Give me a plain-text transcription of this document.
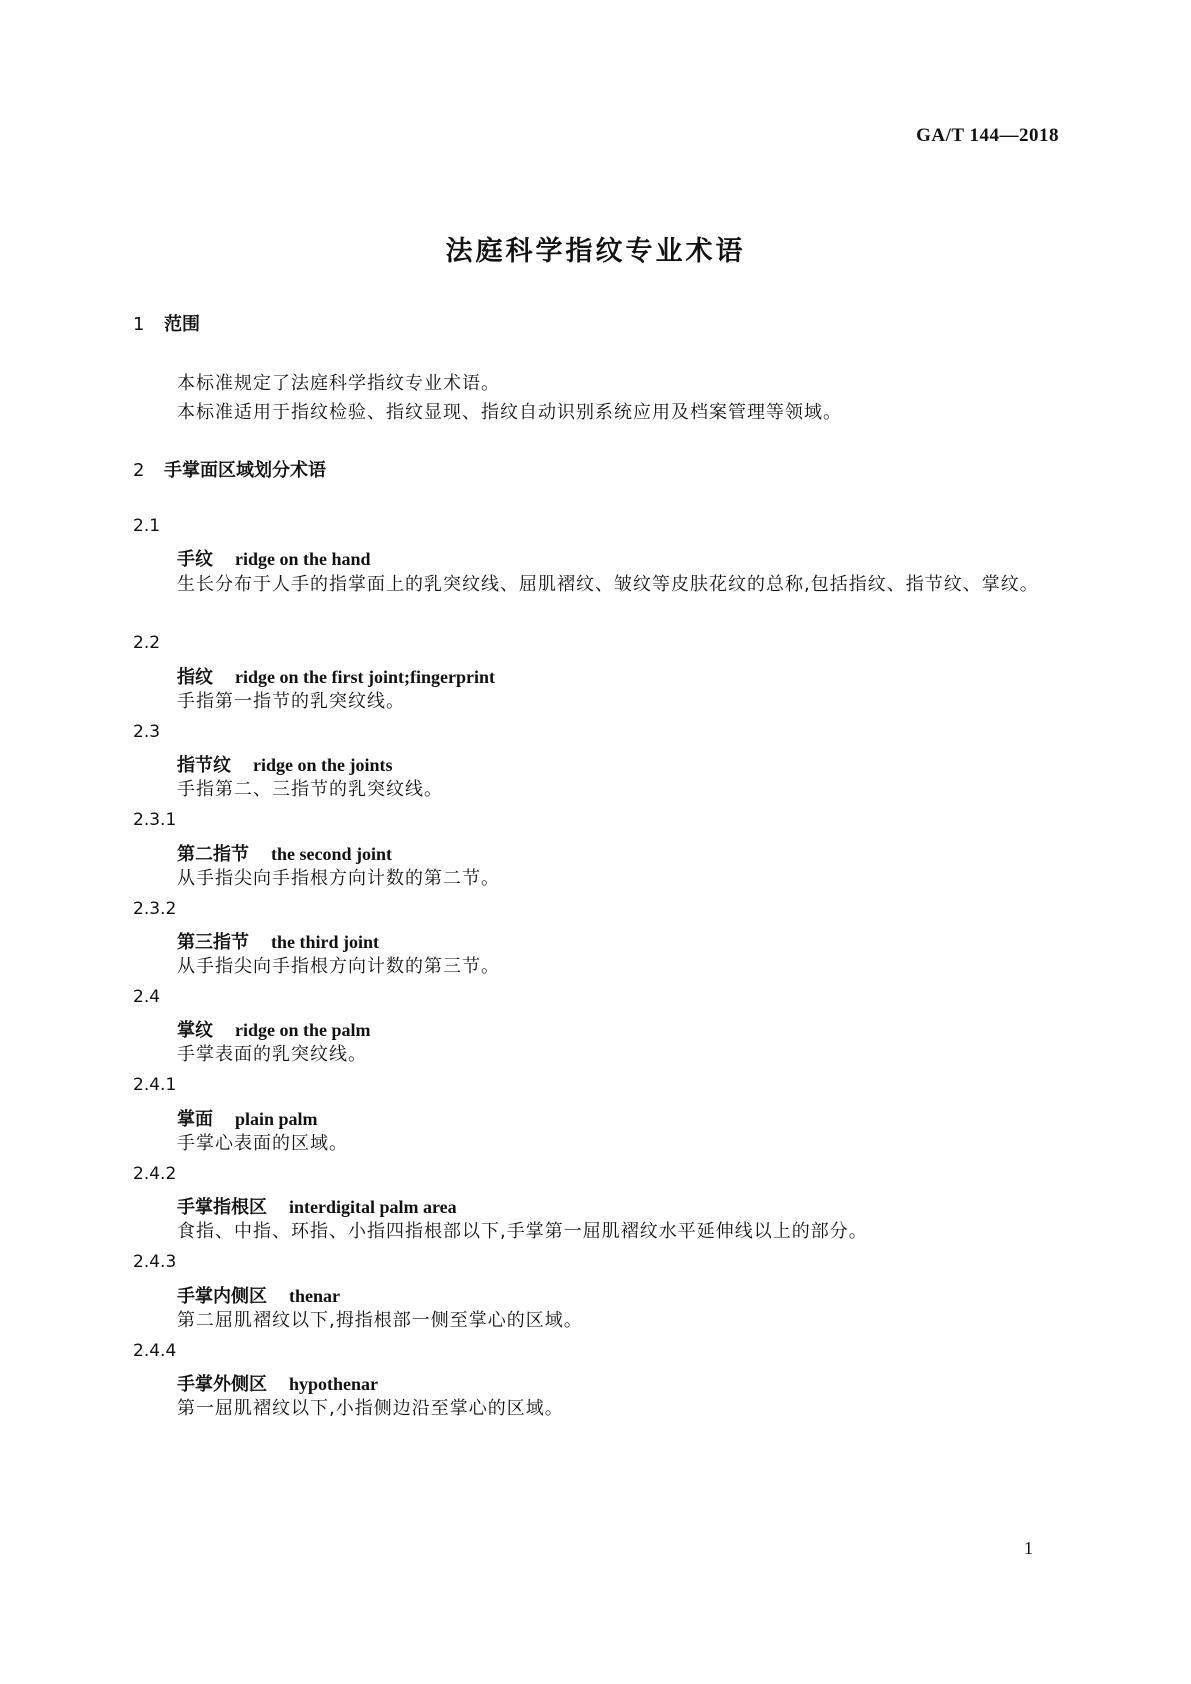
GA/T 144—2018
法庭科学指纹专业术语
1 范围
本标准规定了法庭科学指纹专业术语。
本标准适用于指纹检验、指纹显现、指纹自动识别系统应用及档案管理等领域。
2 手掌面区域划分术语
2.1
手纹 ridge on the hand
生长分布于人手的指掌面上的乳突纹线、屈肌褶纹、皱纹等皮肤花纹的总称,包括指纹、指节纹、掌纹。
2.2
指纹 ridge on the first joint;fingerprint
手指第一指节的乳突纹线。
2.3
指节纹 ridge on the joints
手指第二、三指节的乳突纹线。
2.3.1
第二指节 the second joint
从手指尖向手指根方向计数的第二节。
2.3.2
第三指节 the third joint
从手指尖向手指根方向计数的第三节。
2.4
掌纹 ridge on the palm
手掌表面的乳突纹线。
2.4.1
掌面 plain palm
手掌心表面的区域。
2.4.2
手掌指根区 interdigital palm area
食指、中指、环指、小指四指根部以下,手掌第一屈肌褶纹水平延伸线以上的部分。
2.4.3
手掌内侧区 thenar
第二屈肌褶纹以下,拇指根部一侧至掌心的区域。
2.4.4
手掌外侧区 hypothenar
第一屈肌褶纹以下,小指侧边沿至掌心的区域。
1
